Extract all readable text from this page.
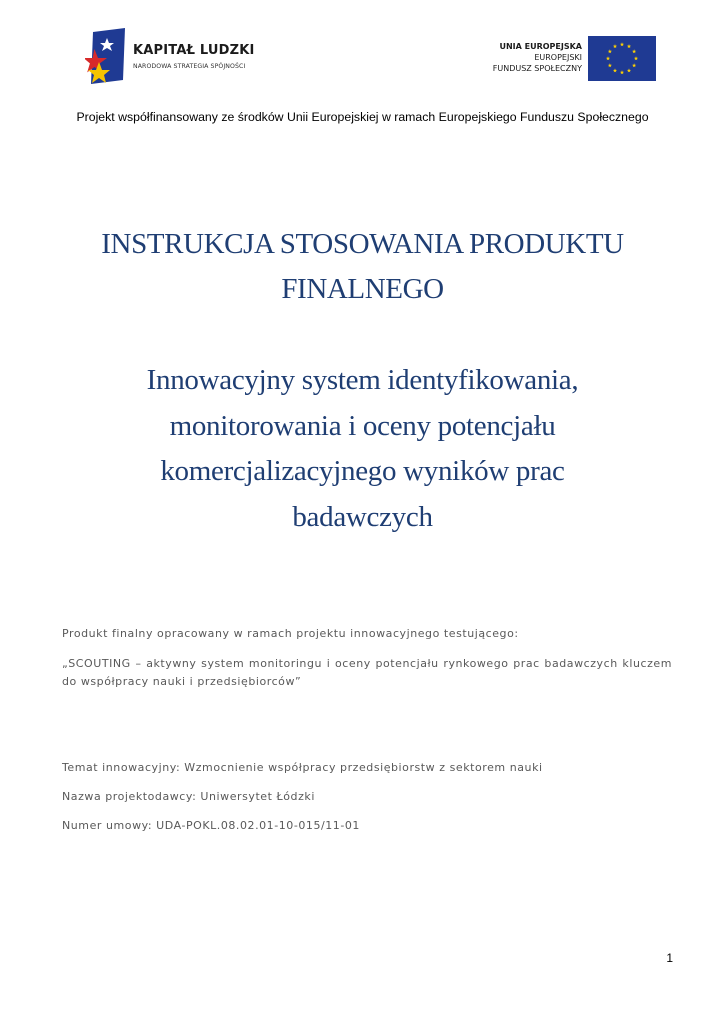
KAPITAŁ LUDZKI
NARODOWA STRATEGIA SPÓJNOŚCI
UNIA EUROPEJSKA
EUROPEJSKI
FUNDUSZ SPOŁECZNY
Projekt współfinansowany ze środków Unii Europejskiej w ramach Europejskiego Funduszu Społecznego
INSTRUKCJA STOSOWANIA PRODUKTU
FINALNEGO
Innowacyjny system identyfikowania,
monitorowania i oceny potencjału
komercjalizacyjnego wyników prac
badawczych
Produkt finalny opracowany w ramach projektu innowacyjnego testującego:
„SCOUTING – aktywny system monitoringu i oceny potencjału rynkowego prac badawczych kluczem do współpracy nauki i przedsiębiorców”
Temat innowacyjny: Wzmocnienie współpracy przedsiębiorstw z sektorem nauki
Nazwa projektodawcy: Uniwersytet Łódzki
Numer umowy: UDA-POKL.08.02.01-10-015/11-01
1
